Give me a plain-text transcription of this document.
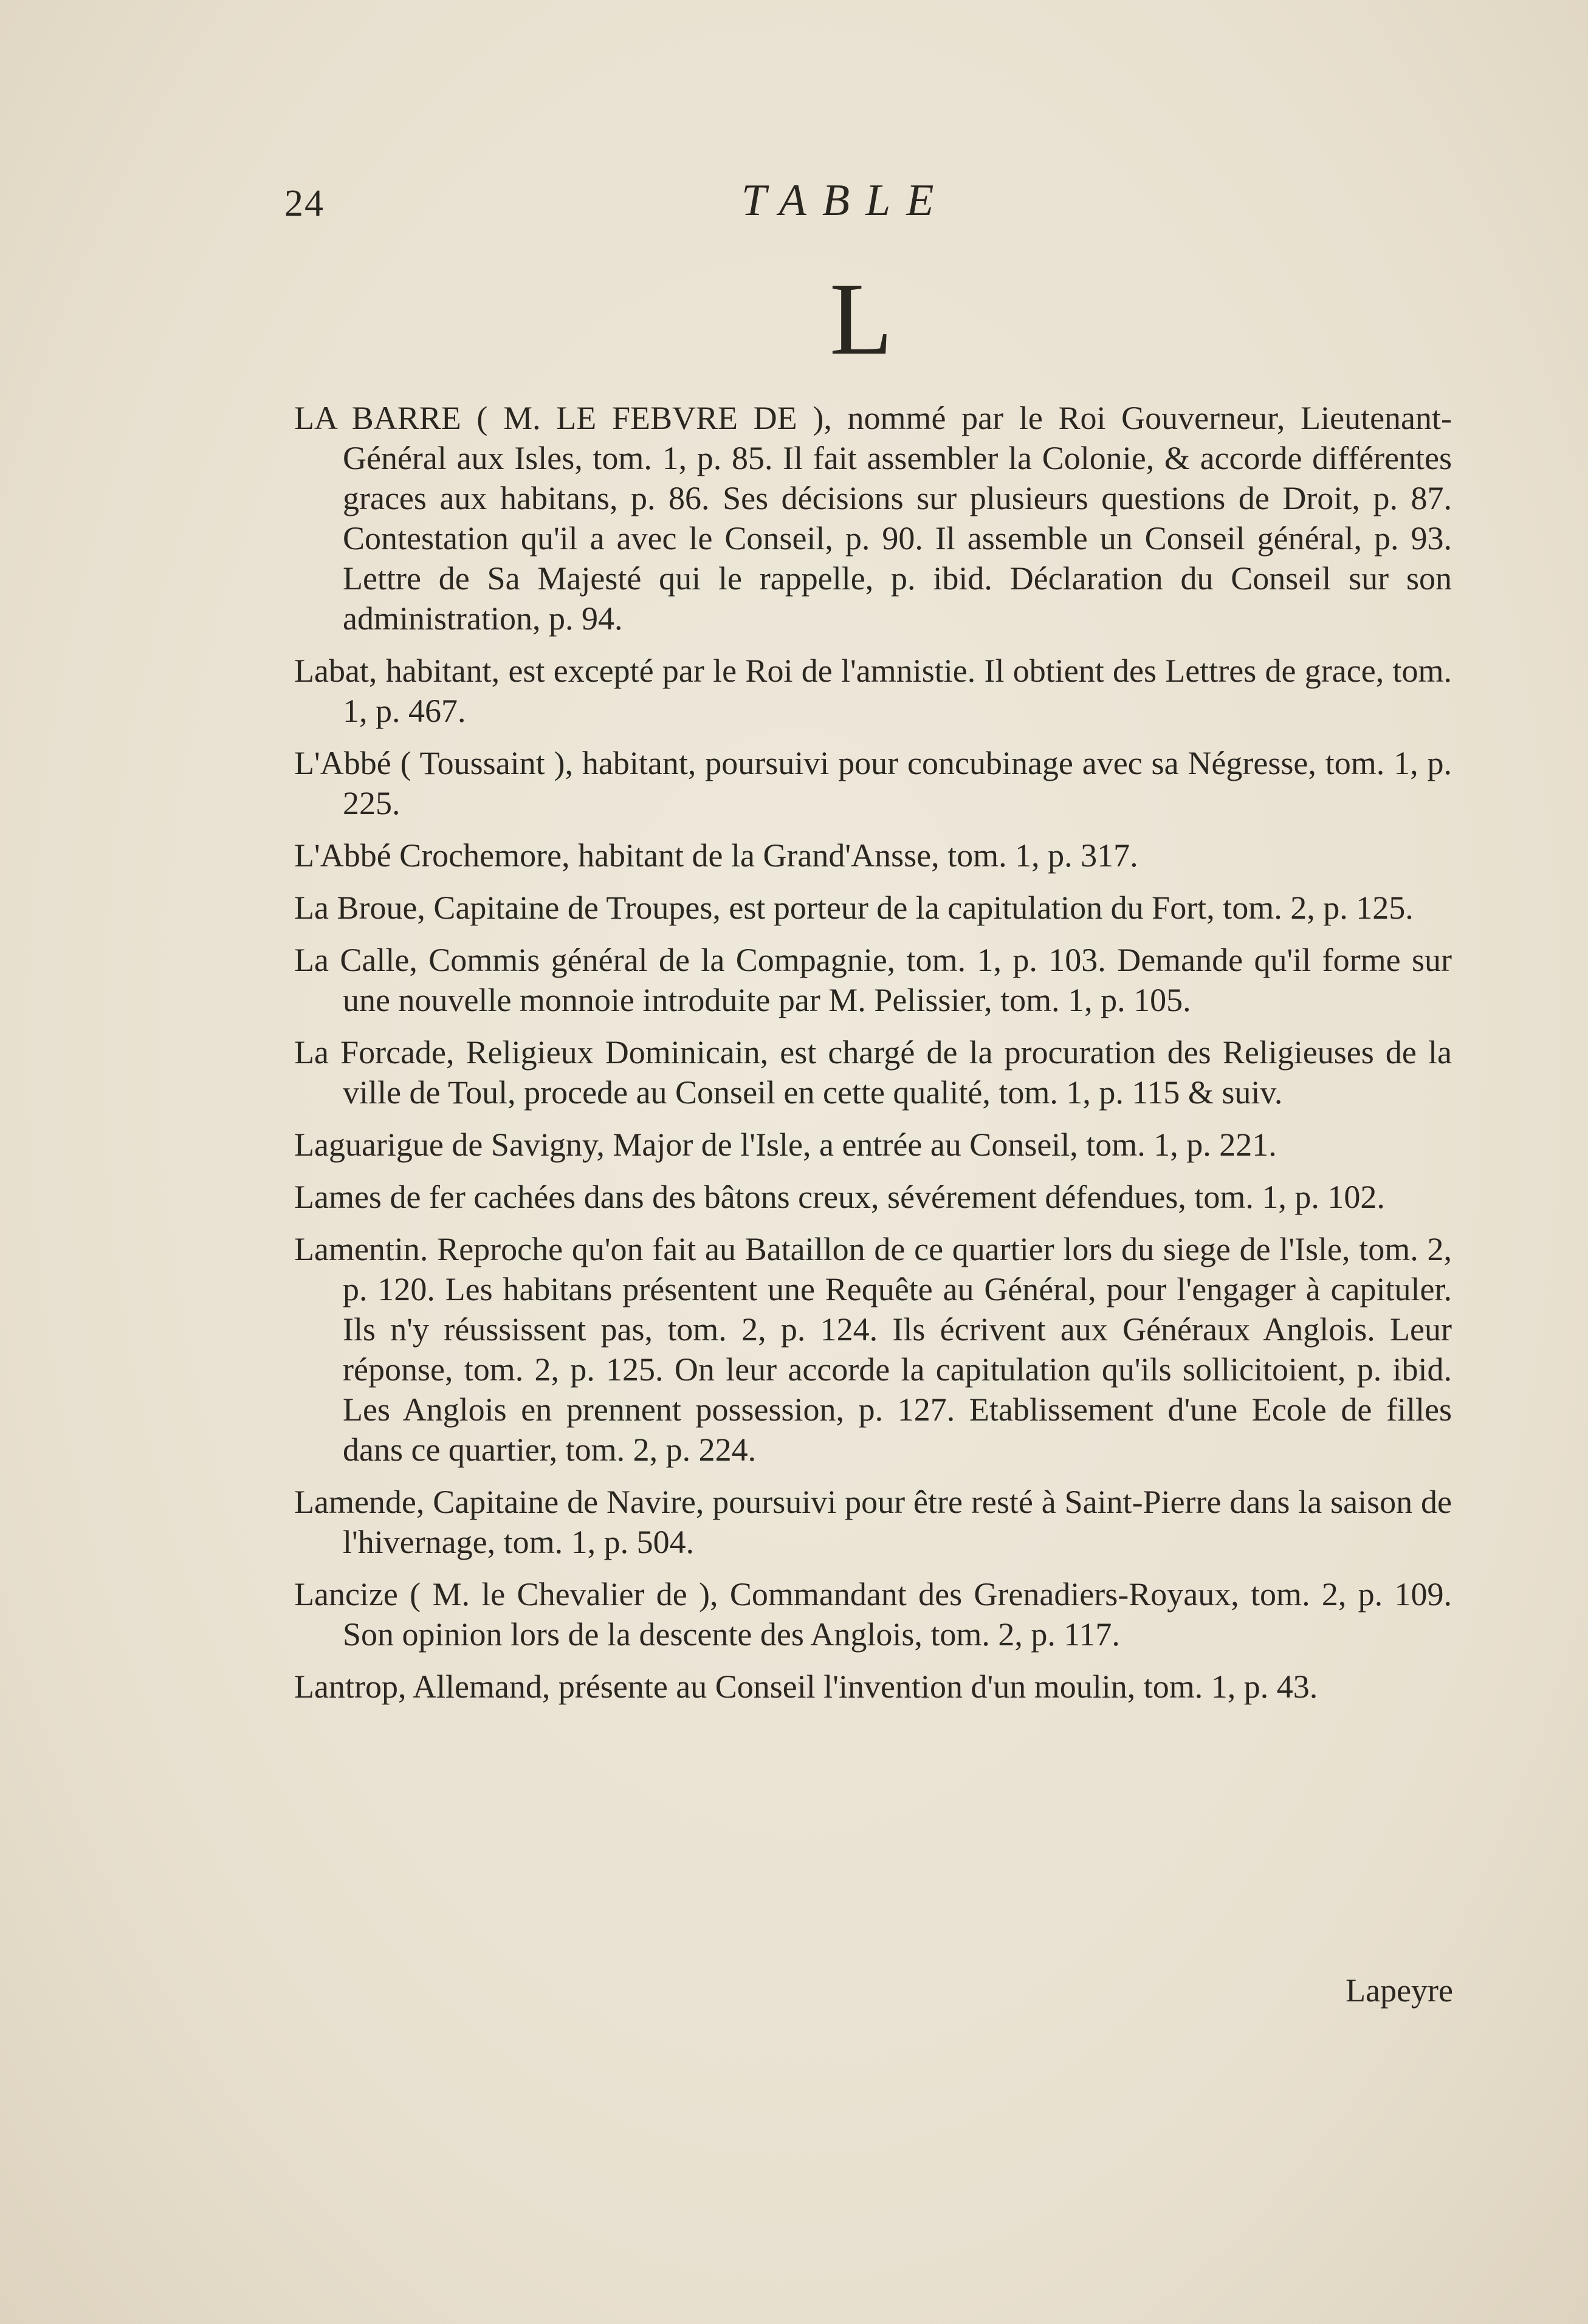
24	TABLE
L

LA BARRE ( M. LE FEBVRE DE ), nommé par le Roi Gouverneur, Lieutenant-Général aux Isles, tom. 1, p. 85. Il fait assembler la Colonie, & accorde différentes graces aux habitans, p. 86. Ses décisions sur plusieurs questions de Droit, p. 87. Contestation qu'il a avec le Conseil, p. 90. Il assemble un Conseil général, p. 93. Lettre de Sa Majesté qui le rappelle, p. ibid. Déclaration du Conseil sur son administration, p. 94.

Labat, habitant, est excepté par le Roi de l'amnistie. Il obtient des Lettres de grace, tom. 1, p. 467.

L'Abbé ( Toussaint ), habitant, poursuivi pour concubinage avec sa Négresse, tom. 1, p. 225.

L'Abbé Crochemore, habitant de la Grand'Ansse, tom. 1, p. 317.

La Broue, Capitaine de Troupes, est porteur de la capitulation du Fort, tom. 2, p. 125.

La Calle, Commis général de la Compagnie, tom. 1, p. 103. Demande qu'il forme sur une nouvelle monnoie introduite par M. Pelissier, tom. 1, p. 105.

La Forcade, Religieux Dominicain, est chargé de la procuration des Religieuses de la ville de Toul, procede au Conseil en cette qualité, tom. 1, p. 115 & suiv.

Laguarigue de Savigny, Major de l'Isle, a entrée au Conseil, tom. 1, p. 221.

Lames de fer cachées dans des bâtons creux, sévérement défendues, tom. 1, p. 102.

Lamentin. Reproche qu'on fait au Bataillon de ce quartier lors du siege de l'Isle, tom. 2, p. 120. Les habitans présentent une Requête au Général, pour l'engager à capituler. Ils n'y réussissent pas, tom. 2, p. 124. Ils écrivent aux Généraux Anglois. Leur réponse, tom. 2, p. 125. On leur accorde la capitulation qu'ils sollicitoient, p. ibid. Les Anglois en prennent possession, p. 127. Etablissement d'une Ecole de filles dans ce quartier, tom. 2, p. 224.

Lamende, Capitaine de Navire, poursuivi pour être resté à Saint-Pierre dans la saison de l'hivernage, tom. 1, p. 504.

Lancize ( M. le Chevalier de ), Commandant des Grenadiers-Royaux, tom. 2, p. 109. Son opinion lors de la descente des Anglois, tom. 2, p. 117.

Lantrop, Allemand, présente au Conseil l'invention d'un moulin, tom. 1, p. 43.

Lapeyre
